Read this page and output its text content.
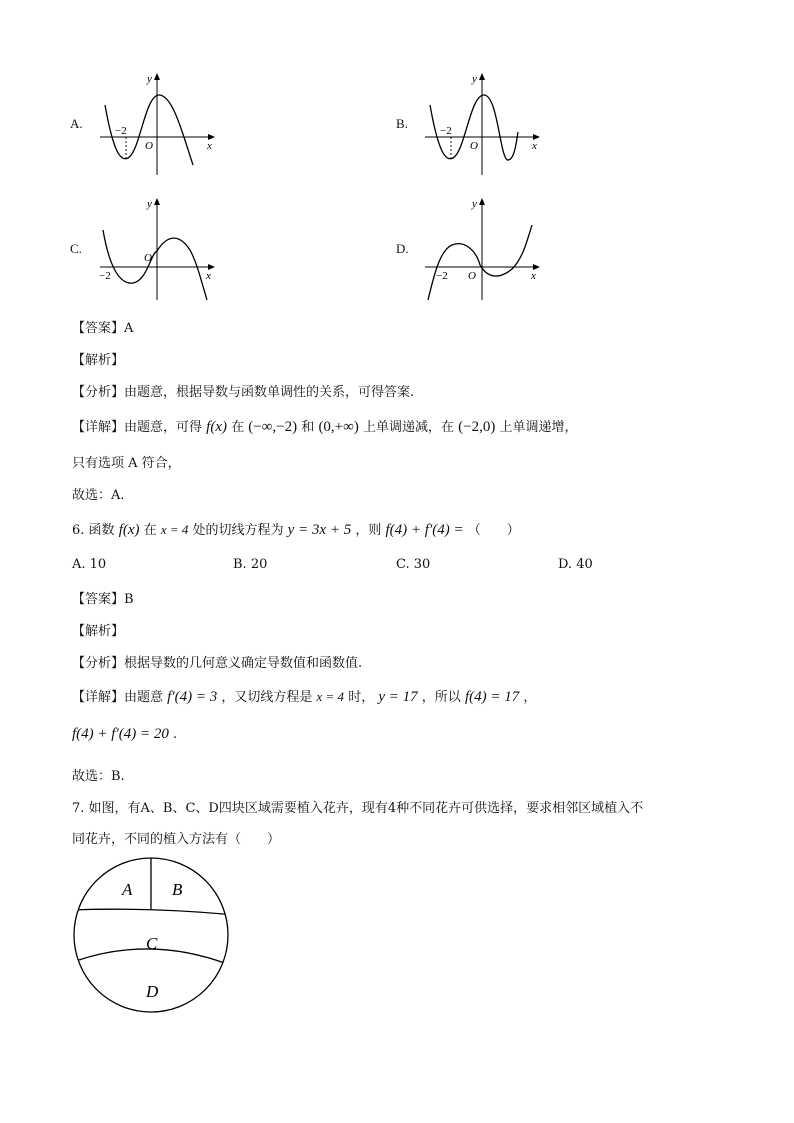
A.	−2
O	x
y
B.	−2
O	x
y
C.
−2
O
x
y
D.
−2 O	x
y
【答案】A
【解析】
【分析】由题意，根据导数与函数单调性的关系，可得答案.
【详解】由题意，可得 f(x) 在 (−∞,−2) 和 (0,+∞) 上单调递减，在 (−2,0) 上单调递增，
只有选项 A 符合，
故选：A.
6. 函数 f(x) 在 x = 4 处的切线方程为 y = 3x + 5 ，则 f(4) + f′(4) = （　　）
A. 10	B. 20	C. 30	D. 40
【答案】B
【解析】
【分析】根据导数的几何意义确定导数值和函数值.
【详解】由题意 f′(4) = 3 ，又切线方程是 x = 4 时， y = 17 ，所以 f(4) = 17 ，
f(4) + f′(4) = 20 .
故选：B.
7. 如图，有A、B、C、D四块区域需要植入花卉，现有4种不同花卉可供选择，要求相邻区域植入不
同花卉，不同的植入方法有（　　）
A B
C
D
